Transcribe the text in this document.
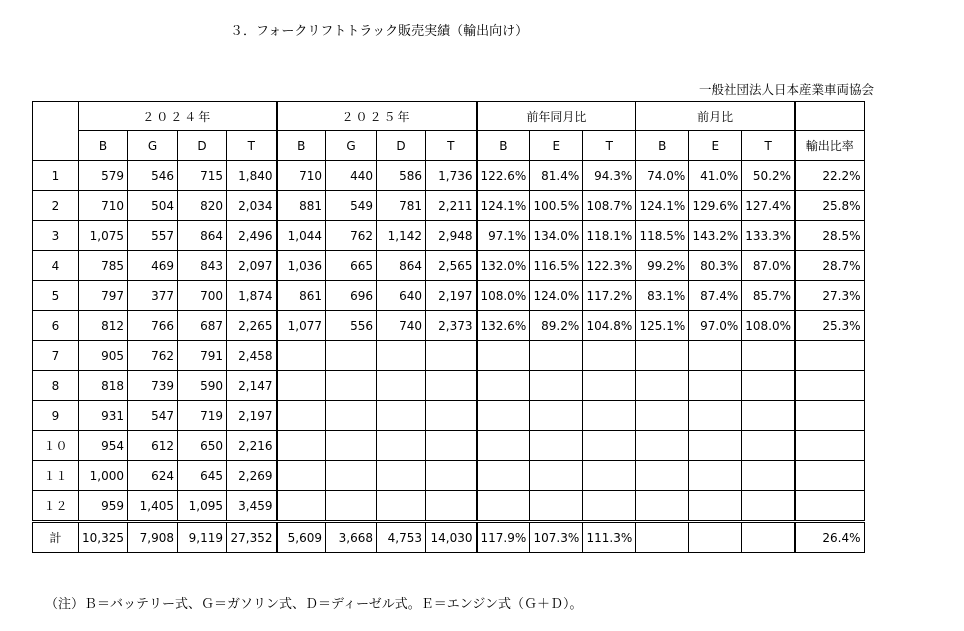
３．フォークリフトトラック販売実績（輸出向け）
一般社団法人日本産業車両協会
	２０２４年				２０２５年				前年同月比			前月比			
	B	G	D	T	B	G	D	T	B	E	T	B	E	T	輸出比率
1	579	546	715	1,840	710	440	586	1,736	122.6%	81.4%	94.3%	74.0%	41.0%	50.2%	22.2%
2	710	504	820	2,034	881	549	781	2,211	124.1%	100.5%	108.7%	124.1%	129.6%	127.4%	25.8%
3	1,075	557	864	2,496	1,044	762	1,142	2,948	97.1%	134.0%	118.1%	118.5%	143.2%	133.3%	28.5%
4	785	469	843	2,097	1,036	665	864	2,565	132.0%	116.5%	122.3%	99.2%	80.3%	87.0%	28.7%
5	797	377	700	1,874	861	696	640	2,197	108.0%	124.0%	117.2%	83.1%	87.4%	85.7%	27.3%
6	812	766	687	2,265	1,077	556	740	2,373	132.6%	89.2%	104.8%	125.1%	97.0%	108.0%	25.3%
7	905	762	791	2,458											
8	818	739	590	2,147											
9	931	547	719	2,197											
１０	954	612	650	2,216											
１１	1,000	624	645	2,269											
１２	959	1,405	1,095	3,459											
計	10,325	7,908	9,119	27,352	5,609	3,668	4,753	14,030	117.9%	107.3%	111.3%				26.4%
（注）Ｂ＝バッテリー式、Ｇ＝ガソリン式、Ｄ＝ディーゼル式。Ｅ＝エンジン式（Ｇ＋Ｄ）。
